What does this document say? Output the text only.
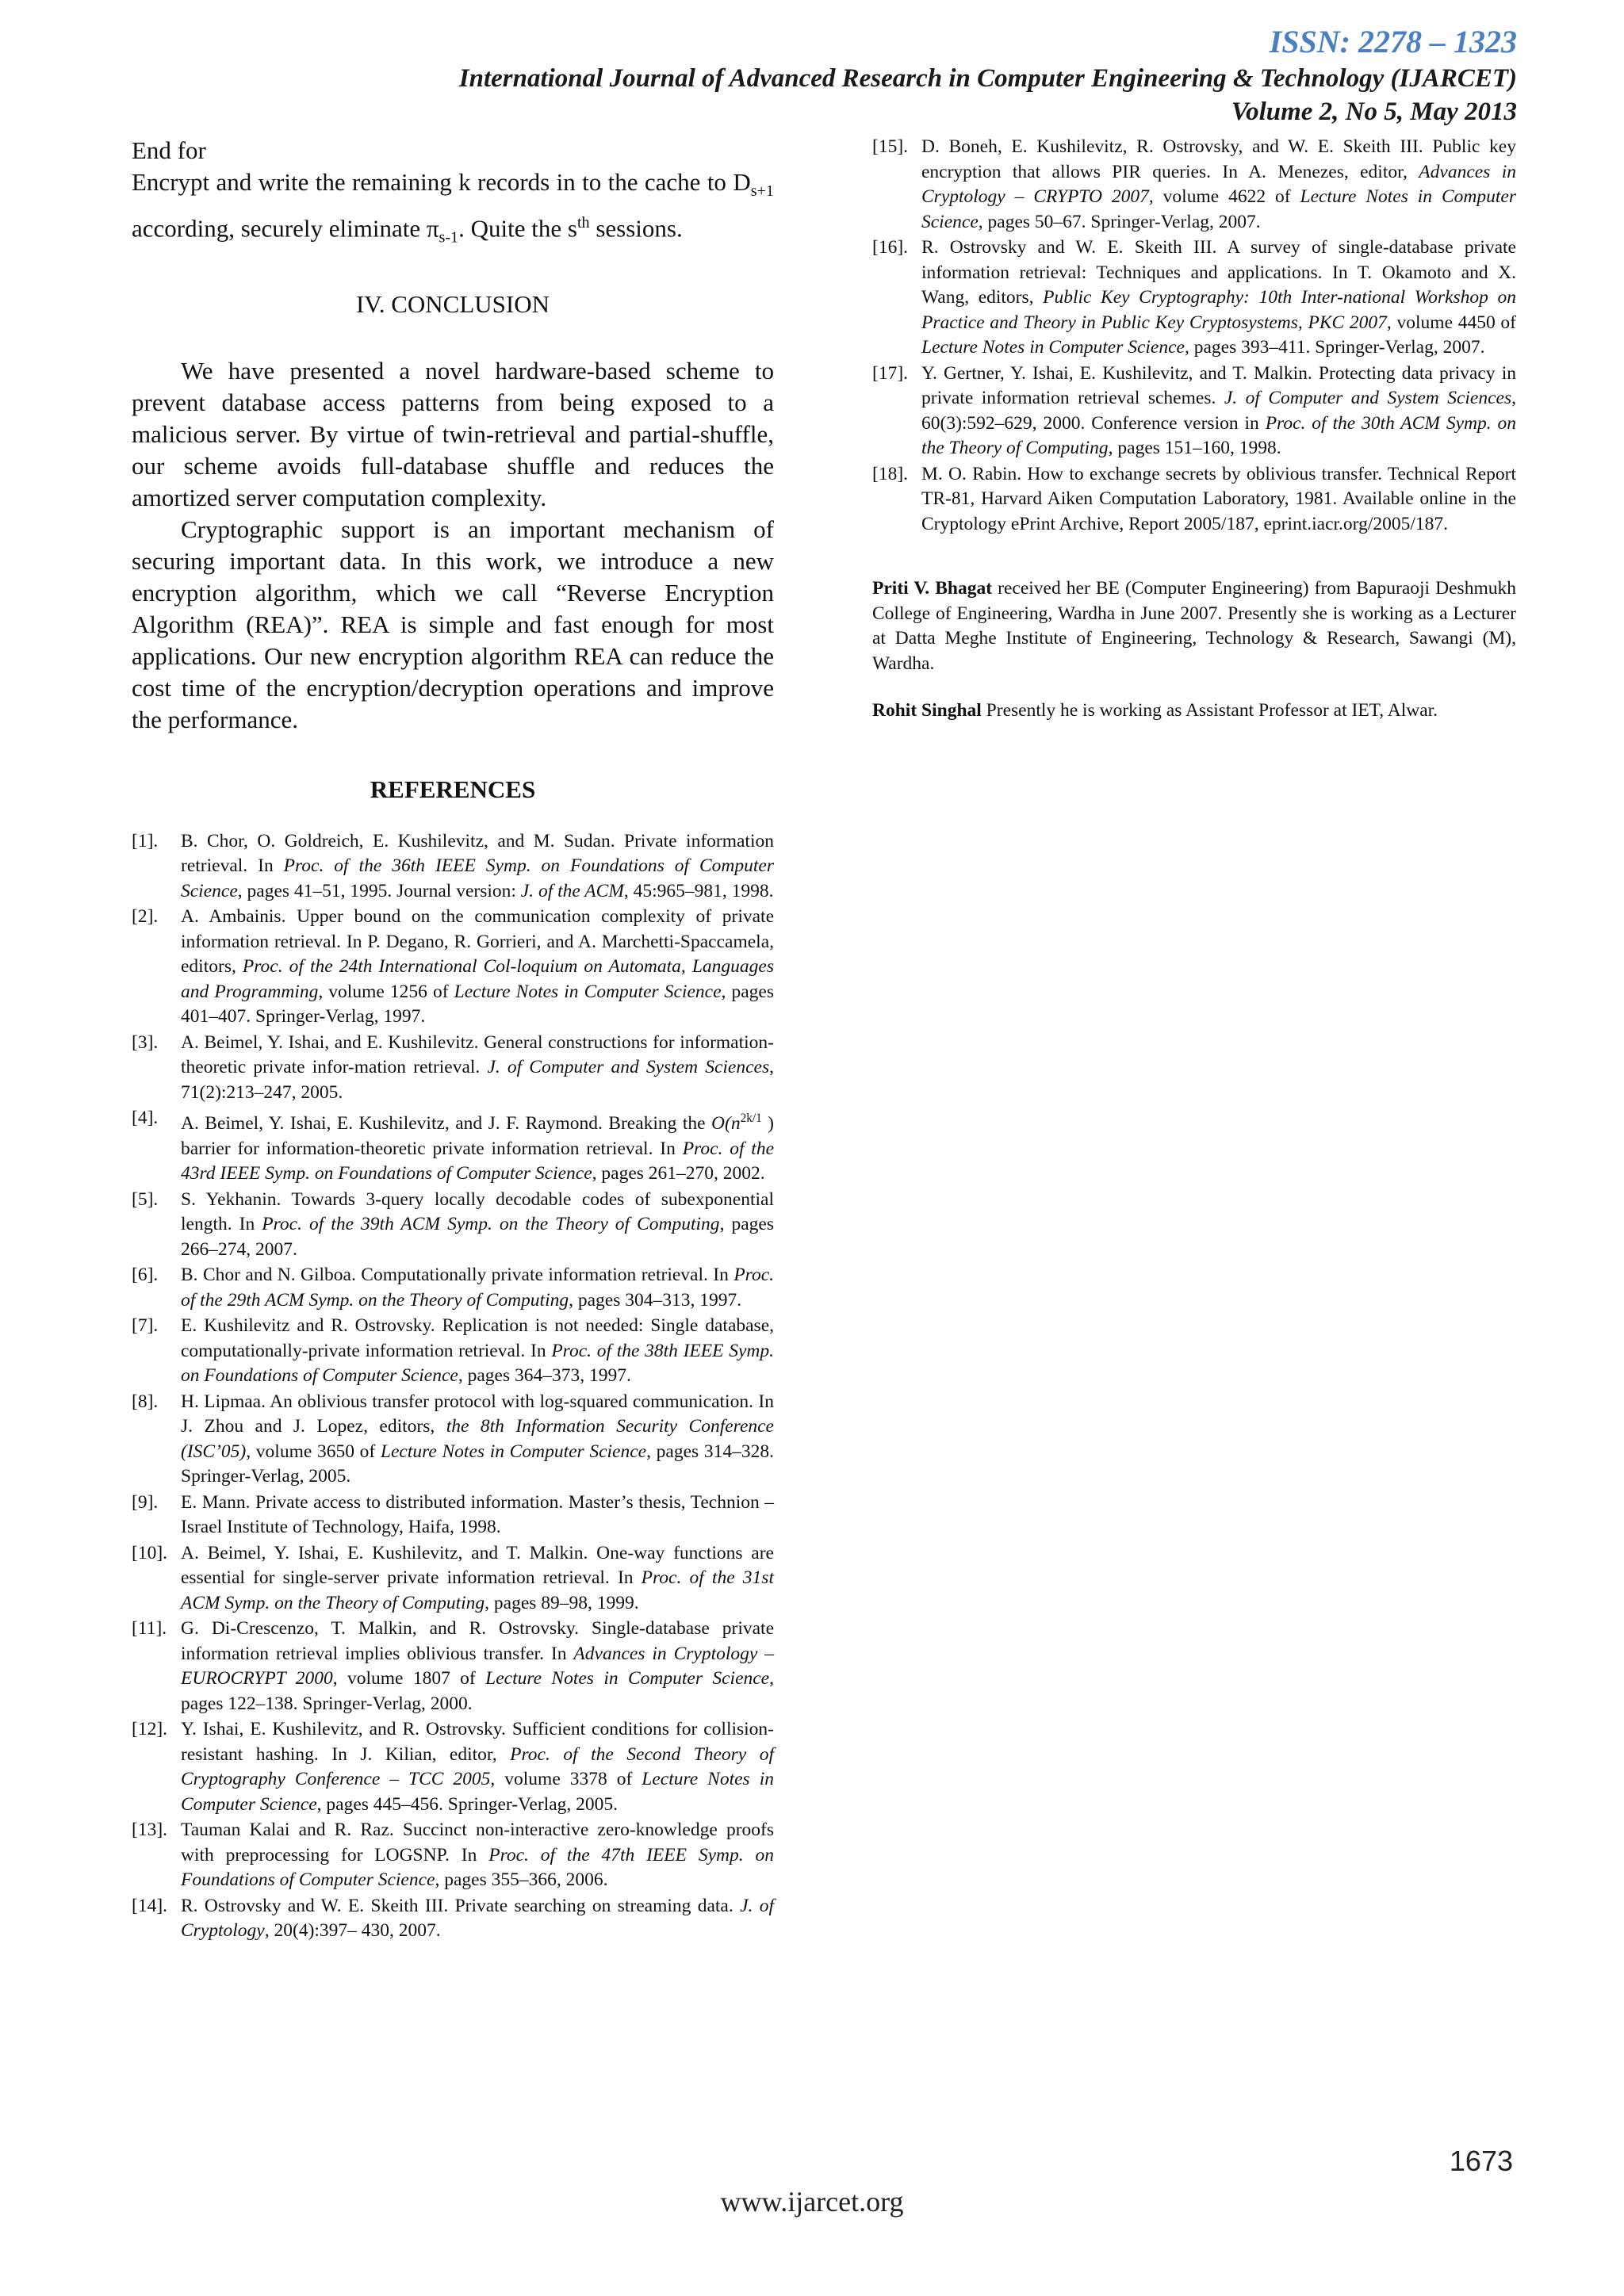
ISSN: 2278 – 1323
International Journal of Advanced Research in Computer Engineering & Technology (IJARCET)
Volume 2, No 5, May 2013

End for

Encrypt and write the remaining k records in to the cache to $D_{s+1}$ according, securely eliminate $\pi_{s-1}$. Quite the $s^{th}$ sessions.

IV. CONCLUSION

We have presented a novel hardware-based scheme to prevent database access patterns from being exposed to a malicious server. By virtue of twin-retrieval and partial-shuffle, our scheme avoids full-database shuffle and reduces the amortized server computation complexity.

Cryptographic support is an important mechanism of securing important data. In this work, we introduce a new encryption algorithm, which we call “Reverse Encryption Algorithm (REA)”. REA is simple and fast enough for most applications. Our new encryption algorithm REA can reduce the cost time of the encryption/decryption operations and improve the performance.

REFERENCES
[1].	B. Chor, O. Goldreich, E. Kushilevitz, and M. Sudan. Private information retrieval. In Proc. of the 36th IEEE Symp. on Foundations of Computer Science, pages 41–51, 1995. Journal version: J. of the ACM, 45:965–981, 1998.
[2].	A. Ambainis. Upper bound on the communication complexity of private information retrieval. In P. Degano, R. Gorrieri, and A. Marchetti-Spaccamela, editors, Proc. of the 24th International Col-loquium on Automata, Languages and Programming, volume 1256 of Lecture Notes in Computer Science, pages 401–407. Springer-Verlag, 1997.
[3].	A. Beimel, Y. Ishai, and E. Kushilevitz. General constructions for information-theoretic private infor-mation retrieval. J. of Computer and System Sciences, 71(2):213–247, 2005.
[4].	A. Beimel, Y. Ishai, E. Kushilevitz, and J. F. Raymond. Breaking the $O(n^{2k/1}$ ) barrier for information-theoretic private information retrieval. In Proc. of the 43rd IEEE Symp. on Foundations of Computer Science, pages 261–270, 2002.
[5].	S. Yekhanin. Towards 3-query locally decodable codes of subexponential length. In Proc. of the 39th ACM Symp. on the Theory of Computing, pages 266–274, 2007.
[6].	B. Chor and N. Gilboa. Computationally private information retrieval. In Proc. of the 29th ACM Symp. on the Theory of Computing, pages 304–313, 1997.
[7].	E. Kushilevitz and R. Ostrovsky. Replication is not needed: Single database, computationally-private information retrieval. In Proc. of the 38th IEEE Symp. on Foundations of Computer Science, pages 364–373, 1997.
[8].	H. Lipmaa. An oblivious transfer protocol with log-squared communication. In J. Zhou and J. Lopez, editors, the 8th Information Security Conference (ISC’05), volume 3650 of Lecture Notes in Computer Science, pages 314–328. Springer-Verlag, 2005.
[9].	E. Mann. Private access to distributed information. Master’s thesis, Technion – Israel Institute of Technology, Haifa, 1998.
[10]. A. Beimel, Y. Ishai, E. Kushilevitz, and T. Malkin. One-way functions are essential for single-server private information retrieval. In Proc. of the 31st ACM Symp. on the Theory of Computing, pages 89–98, 1999.
[11]. G. Di-Crescenzo, T. Malkin, and R. Ostrovsky. Single-database private information retrieval implies oblivious transfer. In Advances in Cryptology – EUROCRYPT 2000, volume 1807 of Lecture Notes in Computer Science, pages 122–138. Springer-Verlag, 2000.
[12]. Y. Ishai, E. Kushilevitz, and R. Ostrovsky. Sufficient conditions for collision-resistant hashing. In J. Kilian, editor, Proc. of the Second Theory of Cryptography Conference – TCC 2005, volume 3378 of Lecture Notes in Computer Science, pages 445–456. Springer-Verlag, 2005.
[13]. Tauman Kalai and R. Raz. Succinct non-interactive zero-knowledge proofs with preprocessing for LOGSNP. In Proc. of the 47th IEEE Symp. on Foundations of Computer Science, pages 355–366, 2006.
[14]. R. Ostrovsky and W. E. Skeith III. Private searching on streaming data. J. of Cryptology, 20(4):397– 430, 2007.
[15]. D. Boneh, E. Kushilevitz, R. Ostrovsky, and W. E. Skeith III. Public key encryption that allows PIR queries. In A. Menezes, editor, Advances in Cryptology – CRYPTO 2007, volume 4622 of Lecture Notes in Computer Science, pages 50–67. Springer-Verlag, 2007.
[16]. R. Ostrovsky and W. E. Skeith III. A survey of single-database private information retrieval: Techniques and applications. In T. Okamoto and X. Wang, editors, Public Key Cryptography: 10th Inter-national Workshop on Practice and Theory in Public Key Cryptosystems, PKC 2007, volume 4450 of Lecture Notes in Computer Science, pages 393–411. Springer-Verlag, 2007.
[17]. Y. Gertner, Y. Ishai, E. Kushilevitz, and T. Malkin. Protecting data privacy in private information retrieval schemes. J. of Computer and System Sciences, 60(3):592–629, 2000. Conference version in Proc. of the 30th ACM Symp. on the Theory of Computing, pages 151–160, 1998.
[18]. M. O. Rabin. How to exchange secrets by oblivious transfer. Technical Report TR-81, Harvard Aiken Computation Laboratory, 1981. Available online in the Cryptology ePrint Archive, Report 2005/187, eprint.iacr.org/2005/187.

Priti V. Bhagat received her BE (Computer Engineering) from Bapuraoji Deshmukh College of Engineering, Wardha in June 2007. Presently she is working as a Lecturer at Datta Meghe Institute of Engineering, Technology & Research, Sawangi (M), Wardha.

Rohit Singhal Presently he is working as Assistant Professor at IET, Alwar.

1673
www.ijarcet.org
